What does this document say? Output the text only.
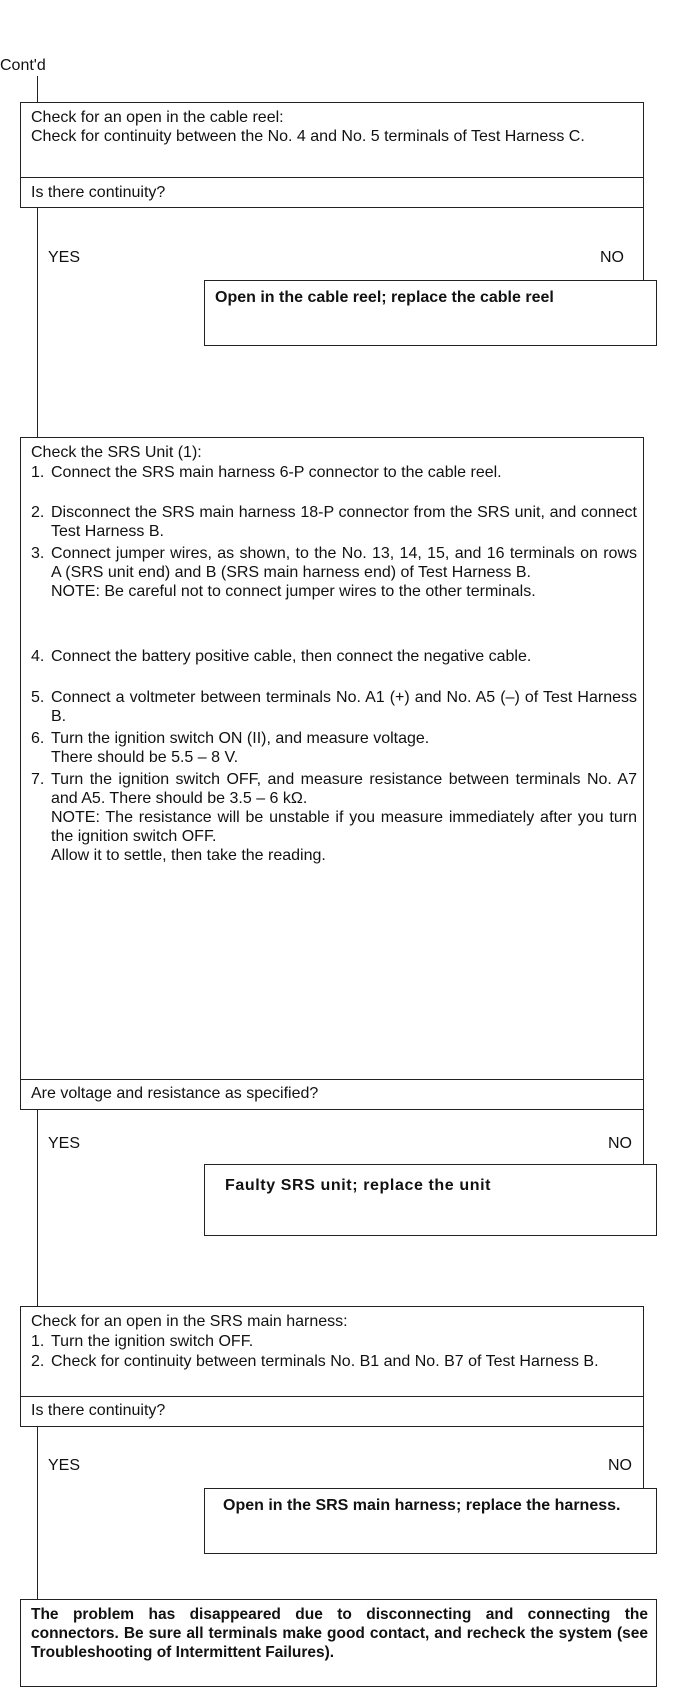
Cont'd
Check for an open in the cable reel:
Check for continuity between the No. 4 and No. 5 terminals of Test Harness C.
Is there continuity?
YES	NO
Open in the cable reel; replace the cable reel
Check the SRS Unit (1):
1. Connect the SRS main harness 6-P connector to the cable reel.
2. Disconnect the SRS main harness 18-P connector from the SRS unit, and connect Test Harness B.
3. Connect jumper wires, as shown, to the No. 13, 14, 15, and 16 terminals on rows A (SRS unit end) and B (SRS main harness end) of Test Harness B.
NOTE: Be careful not to connect jumper wires to the other terminals.
4. Connect the battery positive cable, then connect the negative cable.
5. Connect a voltmeter between terminals No. A1 (+) and No. A5 (–) of Test Harness B.
6. Turn the ignition switch ON (II), and measure voltage.
There should be 5.5 – 8 V.
7. Turn the ignition switch OFF, and measure resistance between terminals No. A7 and A5. There should be 3.5 – 6 kΩ.
NOTE: The resistance will be unstable if you measure immediately after you turn the ignition switch OFF.
Allow it to settle, then take the reading.
Are voltage and resistance as specified?
YES	NO
Faulty SRS unit; replace the unit
Check for an open in the SRS main harness:
1. Turn the ignition switch OFF.
2. Check for continuity between terminals No. B1 and No. B7 of Test Harness B.
Is there continuity?
YES	NO
Open in the SRS main harness; replace the harness.
The problem has disappeared due to disconnecting and connecting the connectors. Be sure all terminals make good contact, and recheck the system (see Troubleshooting of Intermittent Failures).
